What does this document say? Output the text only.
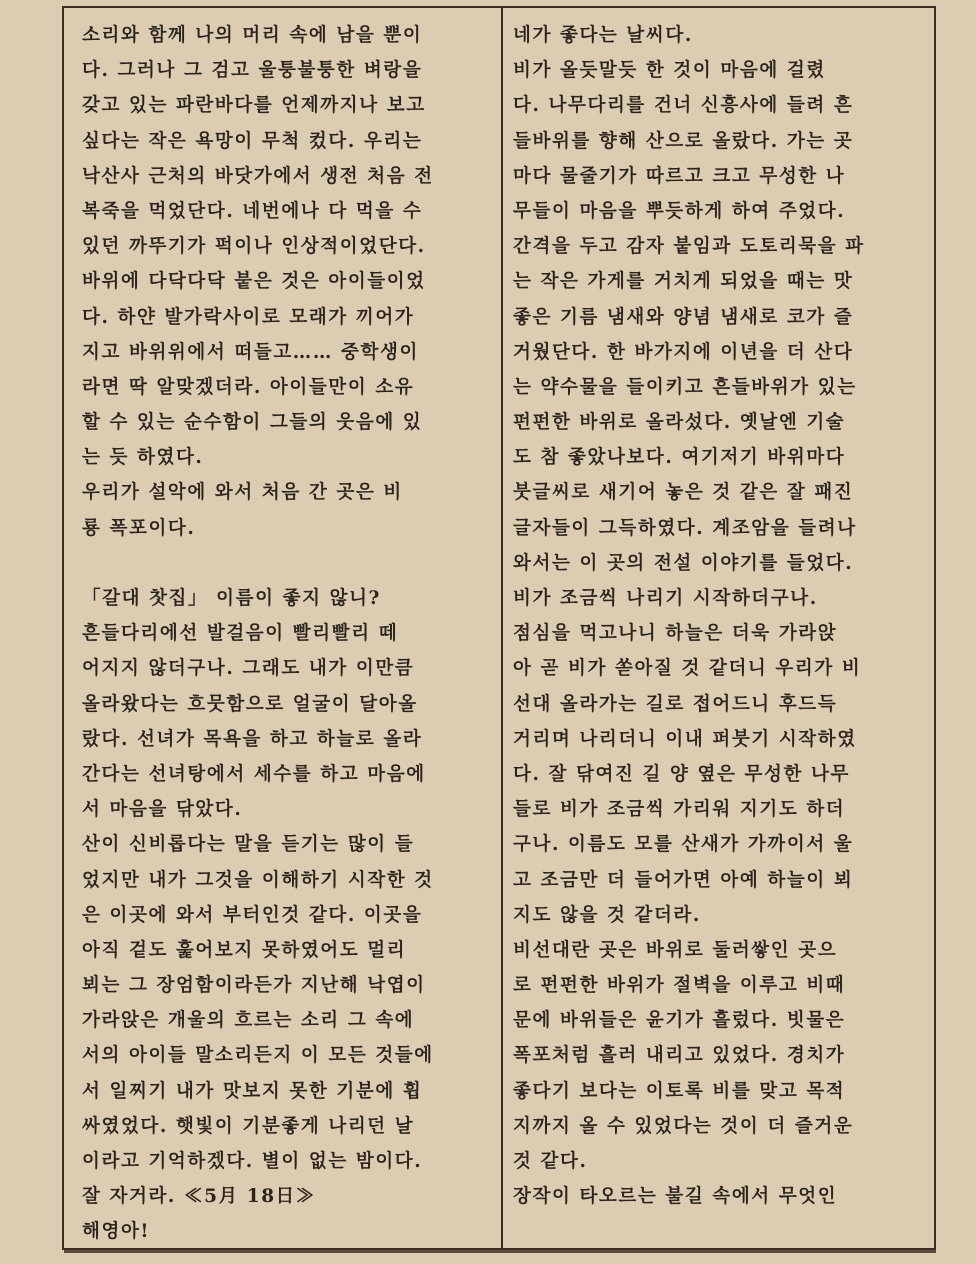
소리와 함께 나의 머리 속에 남을 뿐이
다. 그러나 그 검고 울퉁불퉁한 벼랑을
갖고 있는 파란바다를 언제까지나 보고
싶다는 작은 욕망이 무척 컸다. 우리는
낙산사 근처의 바닷가에서 생전 처음 전
복죽을 먹었단다. 네번에나 다 먹을 수
있던 까뚜기가 퍽이나 인상적이었단다.
바위에 다닥다닥 붙은 것은 아이들이었
다. 하얀 발가락사이로 모래가 끼어가
지고 바위위에서 떠들고…… 중학생이
라면 딱 알맞겠더라. 아이들만이 소유
할 수 있는 순수함이 그들의 웃음에 있
는 듯 하였다.
우리가 설악에 와서 처음 간 곳은 비
룡 폭포이다.
「갈대 찻집」 이름이 좋지 않니?
흔들다리에선 발걸음이 빨리빨리 떼
어지지 않더구나. 그래도 내가 이만큼
올라왔다는 흐뭇함으로 얼굴이 달아올
랐다. 선녀가 목욕을 하고 하늘로 올라
간다는 선녀탕에서 세수를 하고 마음에
서 마음을 닦았다.
산이 신비롭다는 말을 듣기는 많이 들
었지만 내가 그것을 이해하기 시작한 것
은 이곳에 와서 부터인것 같다. 이곳을
아직 겉도 훑어보지 못하였어도 멀리
뵈는 그 장엄함이라든가 지난해 낙엽이
가라앉은 개울의 흐르는 소리 그 속에
서의 아이들 말소리든지 이 모든 것들에
서 일찌기 내가 맛보지 못한 기분에 휩
싸였었다. 햇빛이 기분좋게 나리던 날
이라고 기억하겠다. 별이 없는 밤이다.
잘 자거라. ≪5月 18日≫
해영아!
네가 좋다는 날씨다.
비가 올듯말듯 한 것이 마음에 걸렸
다. 나무다리를 건너 신흥사에 들려 흔
들바위를 향해 산으로 올랐다. 가는 곳
마다 물줄기가 따르고 크고 무성한 나
무들이 마음을 뿌듯하게 하여 주었다.
간격을 두고 감자 붙임과 도토리묵을 파
는 작은 가게를 거치게 되었을 때는 맛
좋은 기름 냄새와 양념 냄새로 코가 즐
거웠단다. 한 바가지에 이년을 더 산다
는 약수물을 들이키고 흔들바위가 있는
펀펀한 바위로 올라섰다. 옛날엔 기술
도 참 좋았나보다. 여기저기 바위마다
붓글씨로 새기어 놓은 것 같은 잘 패진
글자들이 그득하였다. 계조암을 들려나
와서는 이 곳의 전설 이야기를 들었다.
비가 조금씩 나리기 시작하더구나.
점심을 먹고나니 하늘은 더욱 가라앉
아 곧 비가 쏟아질 것 같더니 우리가 비
선대 올라가는 길로 접어드니 후드득
거리며 나리더니 이내 퍼붓기 시작하였
다. 잘 닦여진 길 양 옆은 무성한 나무
들로 비가 조금씩 가리워 지기도 하더
구나. 이름도 모를 산새가 가까이서 울
고 조금만 더 들어가면 아예 하늘이 뵈
지도 않을 것 같더라.
비선대란 곳은 바위로 둘러쌓인 곳으
로 펀펀한 바위가 절벽을 이루고 비때
문에 바위들은 윤기가 흘렀다. 빗물은
폭포처럼 흘러 내리고 있었다. 경치가
좋다기 보다는 이토록 비를 맞고 목적
지까지 올 수 있었다는 것이 더 즐거운
것 같다.
장작이 타오르는 불길 속에서 무엇인
